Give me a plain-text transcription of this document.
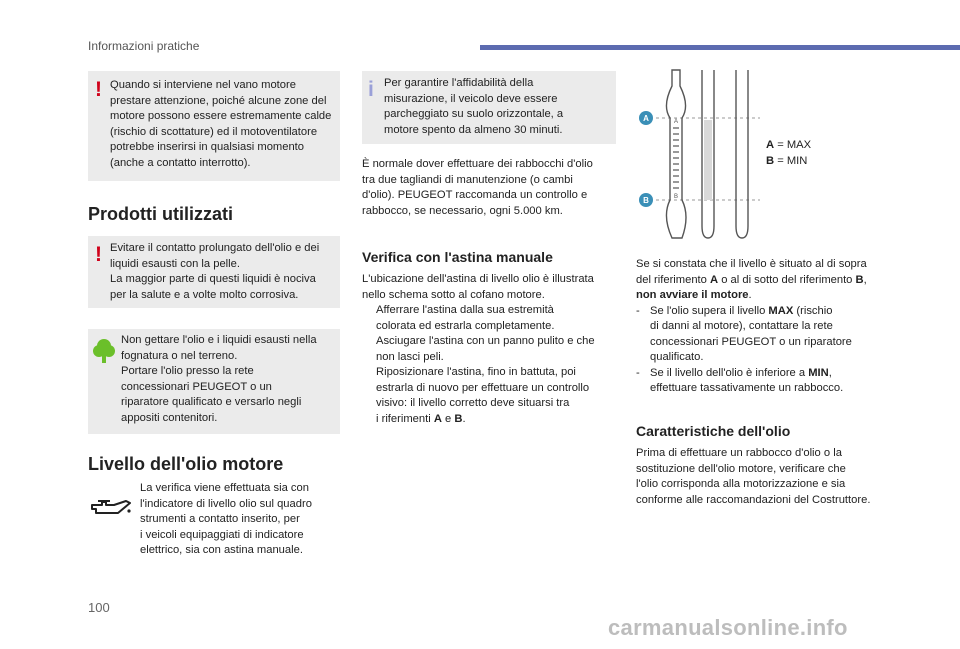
Informazioni pratiche
! Quando si interviene nel vano motore
prestare attenzione, poiché alcune zone del
motore possono essere estremamente calde
(rischio di scottature) ed il motoventilatore
potrebbe inserirsi in qualsiasi momento
(anche a contatto interrotto).
Prodotti utilizzati
! Evitare il contatto prolungato dell'olio e dei
liquidi esausti con la pelle.
La maggior parte di questi liquidi è nociva
per la salute e a volte molto corrosiva.
Non gettare l'olio e i liquidi esausti nella
fognatura o nel terreno.
Portare l'olio presso la rete
concessionari PEUGEOT o un
riparatore qualificato e versarlo negli
appositi contenitori.
Livello dell'olio motore
La verifica viene effettuata sia con
l'indicatore di livello olio sul quadro
strumenti a contatto inserito, per
i veicoli equipaggiati di indicatore
elettrico, sia con astina manuale.
i Per garantire l'affidabilità della
misurazione, il veicolo deve essere
parcheggiato su suolo orizzontale, a
motore spento da almeno 30 minuti.
È normale dover effettuare dei rabbocchi d'olio
tra due tagliandi di manutenzione (o cambi
d'olio). PEUGEOT raccomanda un controllo e
rabbocco, se necessario, ogni 5.000 km.
Verifica con l'astina manuale
L'ubicazione dell'astina di livello olio è illustrata
nello schema sotto al cofano motore.
Afferrare l'astina dalla sua estremità
colorata ed estrarla completamente.
Asciugare l'astina con un panno pulito e che
non lasci peli.
Riposizionare l'astina, fino in battuta, poi
estrarla di nuovo per effettuare un controllo
visivo: il livello corretto deve situarsi tra
i riferimenti A e B.
A
B
A
B
A = MAX
B = MIN
Se si constata che il livello è situato al di sopra
del riferimento A o al di sotto del riferimento B,
non avviare il motore.
- Se l'olio supera il livello MAX (rischio
di danni al motore), contattare la rete
concessionari PEUGEOT o un riparatore
qualificato.
- Se il livello dell'olio è inferiore a MIN,
effettuare tassativamente un rabbocco.
Caratteristiche dell'olio
Prima di effettuare un rabbocco d'olio o la
sostituzione dell'olio motore, verificare che
l'olio corrisponda alla motorizzazione e sia
conforme alle raccomandazioni del Costruttore.
100
carmanualsonline.info
